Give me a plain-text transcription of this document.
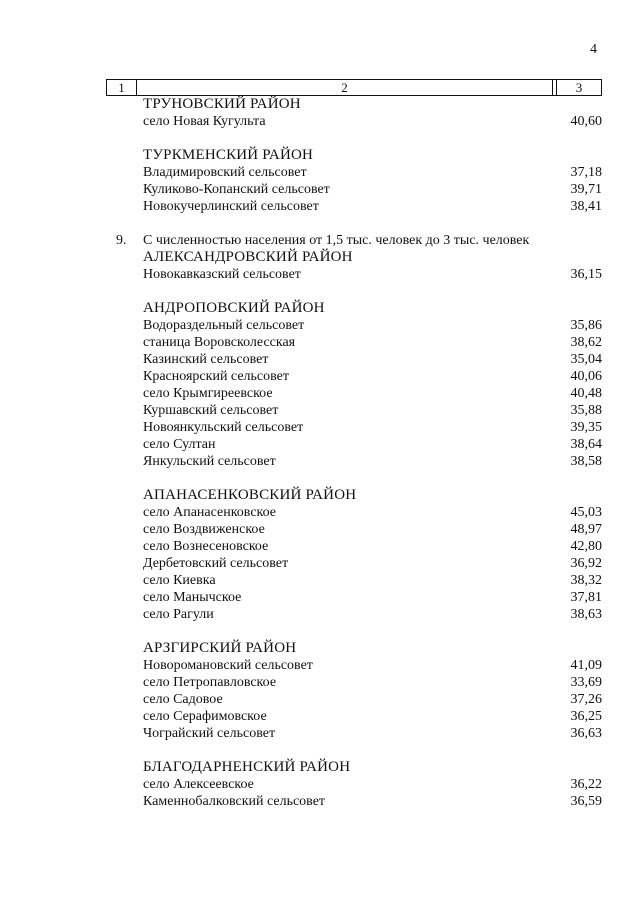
4
1	2	3
ТРУНОВСКИЙ РАЙОН
село Новая Кугульта	40,60
ТУРКМЕНСКИЙ РАЙОН
Владимировский сельсовет	37,18
Куликово-Копанский сельсовет	39,71
Новокучерлинский сельсовет	38,41
9. С численностью населения от 1,5 тыс. человек до 3 тыс. человек
АЛЕКСАНДРОВСКИЙ РАЙОН
Новокавказский сельсовет	36,15
АНДРОПОВСКИЙ РАЙОН
Водораздельный сельсовет	35,86
станица Воровсколесская	38,62
Казинский сельсовет	35,04
Красноярский сельсовет	40,06
село Крымгиреевское	40,48
Куршавский сельсовет	35,88
Новоянкульский сельсовет	39,35
село Султан	38,64
Янкульский сельсовет	38,58
АПАНАСЕНКОВСКИЙ РАЙОН
село Апанасенковское	45,03
село Воздвиженское	48,97
село Вознесеновское	42,80
Дербетовский сельсовет	36,92
село Киевка	38,32
село Манычское	37,81
село Рагули	38,63
АРЗГИРСКИЙ РАЙОН
Новоромановский сельсовет	41,09
село Петропавловское	33,69
село Садовое	37,26
село Серафимовское	36,25
Чограйский сельсовет	36,63
БЛАГОДАРНЕНСКИЙ РАЙОН
село Алексеевское	36,22
Каменнобалковский сельсовет	36,59
